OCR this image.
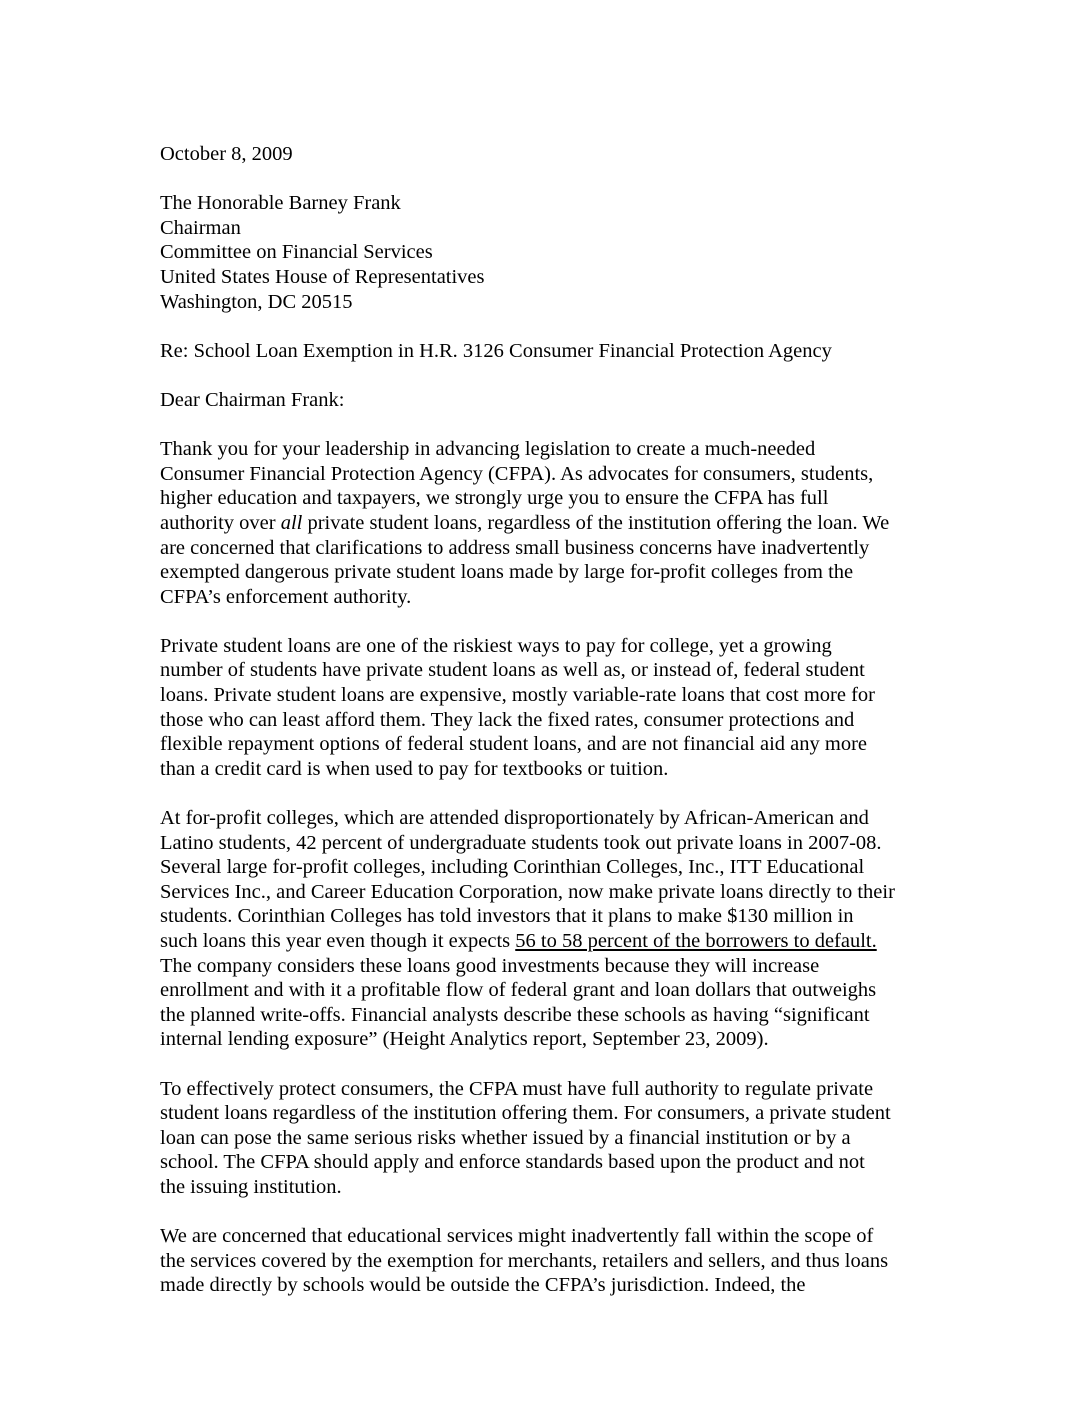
October 8, 2009
The Honorable Barney Frank
Chairman
Committee on Financial Services
United States House of Representatives
Washington, DC 20515
Re: School Loan Exemption in H.R. 3126 Consumer Financial Protection Agency
Dear Chairman Frank:
Thank you for your leadership in advancing legislation to create a much-needed
Consumer Financial Protection Agency (CFPA). As advocates for consumers, students,
higher education and taxpayers, we strongly urge you to ensure the CFPA has full
authority over all private student loans, regardless of the institution offering the loan. We
are concerned that clarifications to address small business concerns have inadvertently
exempted dangerous private student loans made by large for-profit colleges from the
CFPA’s enforcement authority.
Private student loans are one of the riskiest ways to pay for college, yet a growing
number of students have private student loans as well as, or instead of, federal student
loans. Private student loans are expensive, mostly variable-rate loans that cost more for
those who can least afford them. They lack the fixed rates, consumer protections and
flexible repayment options of federal student loans, and are not financial aid any more
than a credit card is when used to pay for textbooks or tuition.
At for-profit colleges, which are attended disproportionately by African-American and
Latino students, 42 percent of undergraduate students took out private loans in 2007-08.
Several large for-profit colleges, including Corinthian Colleges, Inc., ITT Educational
Services Inc., and Career Education Corporation, now make private loans directly to their
students. Corinthian Colleges has told investors that it plans to make $130 million in
such loans this year even though it expects 56 to 58 percent of the borrowers to default.
The company considers these loans good investments because they will increase
enrollment and with it a profitable flow of federal grant and loan dollars that outweighs
the planned write-offs. Financial analysts describe these schools as having “significant
internal lending exposure” (Height Analytics report, September 23, 2009).
To effectively protect consumers, the CFPA must have full authority to regulate private
student loans regardless of the institution offering them. For consumers, a private student
loan can pose the same serious risks whether issued by a financial institution or by a
school. The CFPA should apply and enforce standards based upon the product and not
the issuing institution.
We are concerned that educational services might inadvertently fall within the scope of
the services covered by the exemption for merchants, retailers and sellers, and thus loans
made directly by schools would be outside the CFPA’s jurisdiction. Indeed, the
